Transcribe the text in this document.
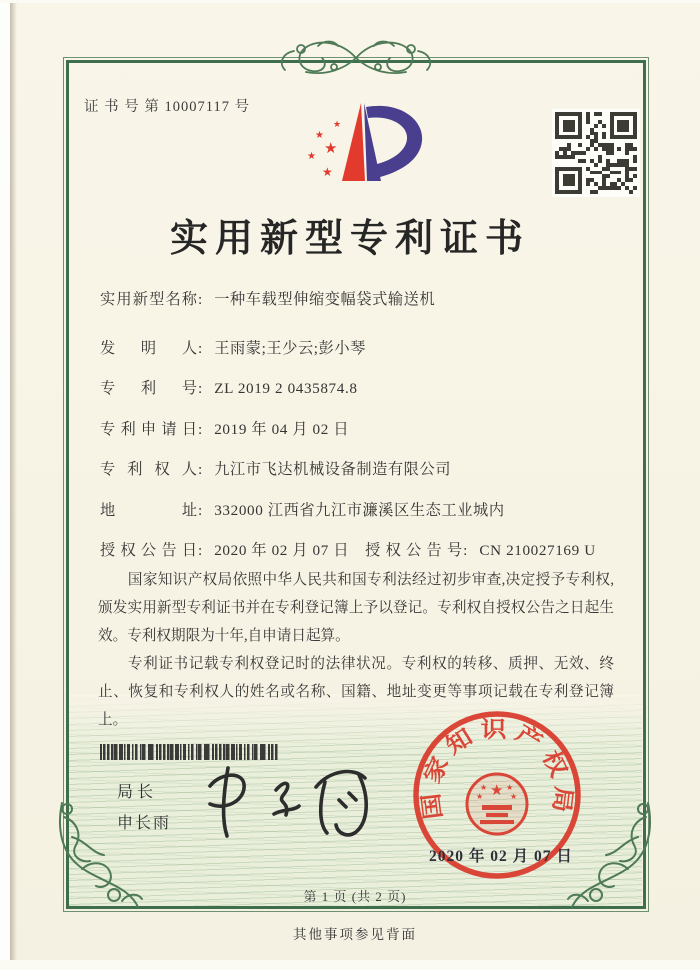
证 书 号 第 10007117 号
★
★
★
★
★
实用新型专利证书
实 用 新 型 名 称 : 一种车载型伸缩变幅袋式输送机
发 明 人 : 王雨蒙;王少云;彭小琴
专 利 号 : ZL 2019 2 0435874.8
专 利 申 请 日 : 2019 年 04 月 02 日
专 利 权 人 : 九江市飞达机械设备制造有限公司
地	址 : 332000 江西省九江市濂溪区生态工业城内
授 权 公 告 日 : 2020 年 02 月 07 日 授 权 公 告 号 : CN 210027169 U

国家知识产权局依照中华人民共和国专利法经过初步审查,决定授予专利权,颁发实用新型专利证书并在专利登记簿上予以登记。专利权自授权公告之日起生效。专利权期限为十年,自申请日起算。

专利证书记载专利权登记时的法律状况。专利权的转移、质押、无效、终止、恢复和专利权人的姓名或名称、国籍、地址变更等事项记载在专利登记簿上。

局长
申长雨
国家知识产权局
★
★	★
★ ★
2020 年 02 月 07 日
第 1 页 (共 2 页)
其他事项参见背面
